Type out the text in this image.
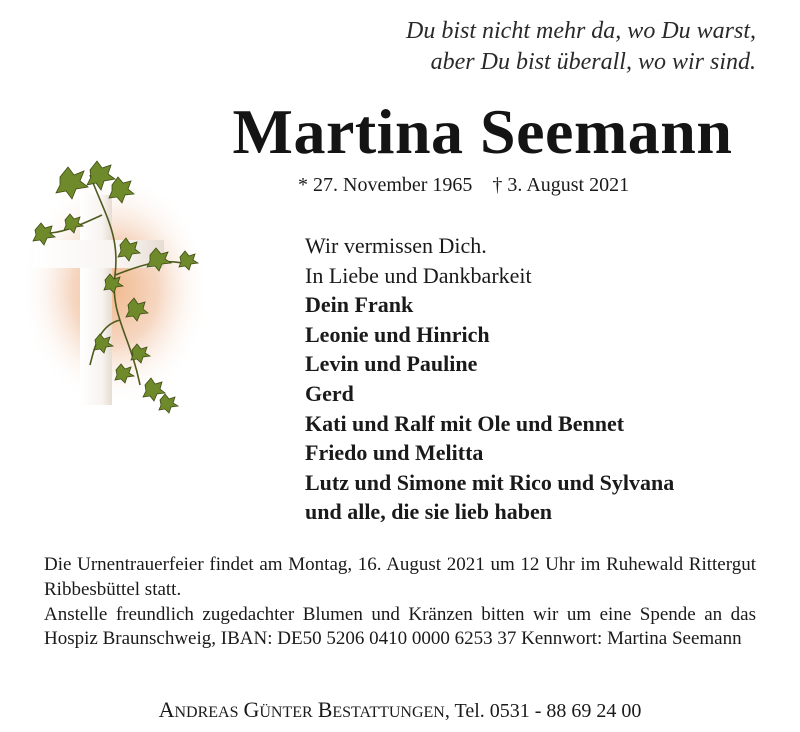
Du bist nicht mehr da, wo Du warst,
aber Du bist überall, wo wir sind.
Martina Seemann
* 27. November 1965 † 3. August 2021
Wir vermissen Dich.
In Liebe und Dankbarkeit
Dein Frank
Leonie und Hinrich
Levin und Pauline
Gerd
Kati und Ralf mit Ole und Bennet
Friedo und Melitta
Lutz und Simone mit Rico und Sylvana
und alle, die sie lieb haben

Die Urnentrauerfeier findet am Montag, 16. August 2021 um 12 Uhr im Ruhewald Rittergut Ribbesbüttel statt.

Anstelle freundlich zugedachter Blumen und Kränzen bitten wir um eine Spende an das Hospiz Braunschweig, IBAN: DE50 5206 0410 0000 6253 37 Kennwort: Martina Seemann

ANDREAS GÜNTER BESTATTUNGEN, Tel. 0531 - 88 69 24 00
